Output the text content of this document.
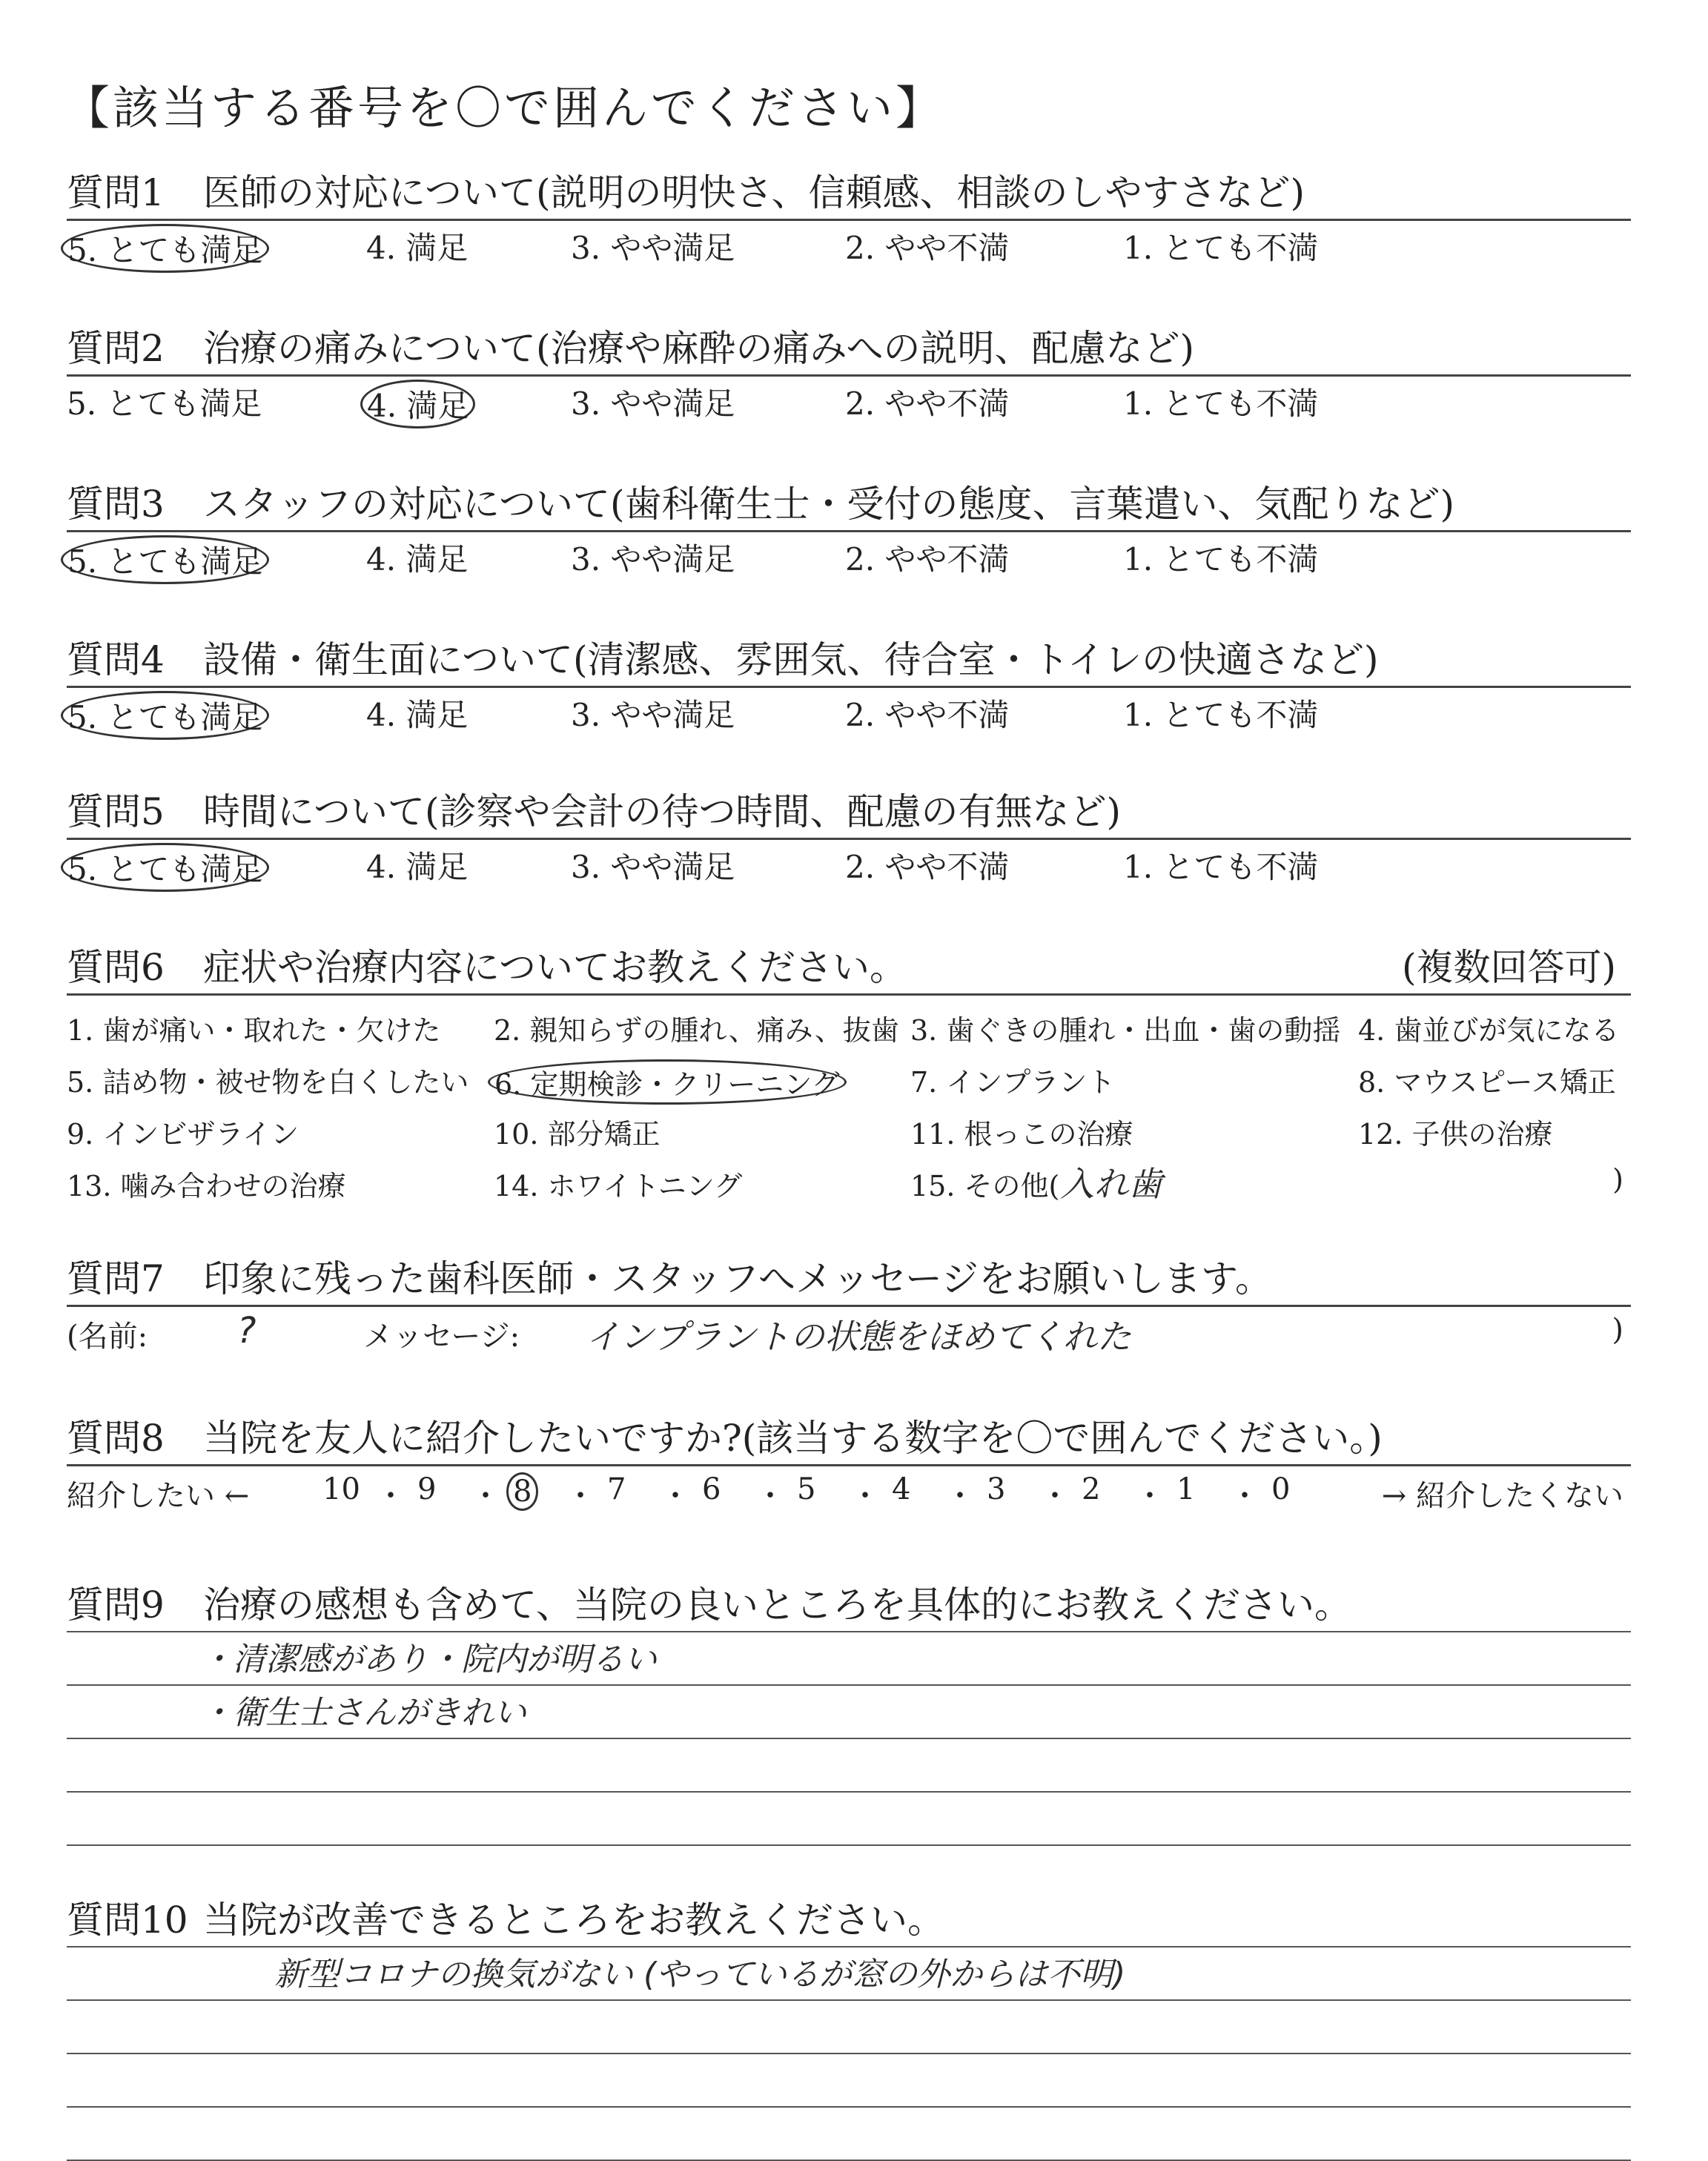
【該当する番号を〇で囲んでください】
質問1 医師の対応について(説明の明快さ、信頼感、相談のしやすさなど)
5. とても満足	4. 満足	3. やや満足	2. やや不満	1. とても不満
質問2 治療の痛みについて(治療や麻酔の痛みへの説明、配慮など)
5. とても満足	4. 満足	3. やや満足	2. やや不満	1. とても不満
質問3 スタッフの対応について(歯科衛生士・受付の態度、言葉遣い、気配りなど)
5. とても満足	4. 満足	3. やや満足	2. やや不満	1. とても不満
質問4 設備・衛生面について(清潔感、雰囲気、待合室・トイレの快適さなど)
5. とても満足	4. 満足	3. やや満足	2. やや不満	1. とても不満
質問5 時間について(診察や会計の待つ時間、配慮の有無など)
5. とても満足	4. 満足	3. やや満足	2. やや不満	1. とても不満
質問6 症状や治療内容についてお教えください。	(複数回答可)
1. 歯が痛い・取れた・欠けた 2. 親知らずの腫れ、痛み、抜歯 3. 歯ぐきの腫れ・出血・歯の動揺 4. 歯並びが気になる
5. 詰め物・被せ物を白くしたい 6. 定期検診・クリーニング	7. インプラント	8. マウスピース矯正
9. インビザライン	10. 部分矯正	11. 根っこの治療	12. 子供の治療
13. 噛み合わせの治療	14. ホワイトニング	15. その他( 入れ歯	)
質問7 印象に残った歯科医師・スタッフへメッセージをお願いします。
(名前:	?	メッセージ: インプラントの状態をほめてくれた	)
質問8 当院を友人に紹介したいですか?(該当する数字を〇で囲んでください。)
紹介したい ←	→ 紹介したくない
10 ・ 9 ・ 8 ・ 7 ・ 6 ・ 5 ・ 4 ・ 3 ・ 2 ・ 1 ・ 0
質問9 治療の感想も含めて、当院の良いところを具体的にお教えください。
・清潔感があり・院内が明るい
・衛生士さんがきれい
質問10 当院が改善できるところをお教えください。
新型コロナの換気がない (やっているが窓の外からは不明)
